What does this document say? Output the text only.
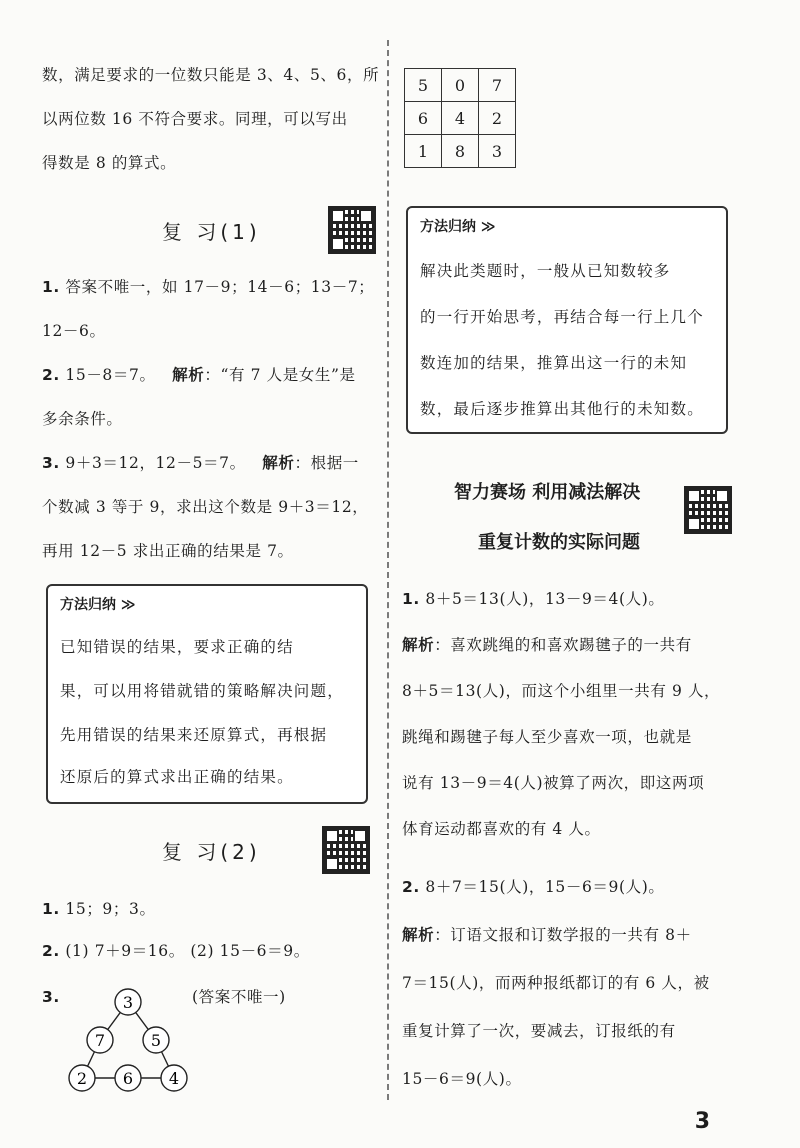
数，满足要求的一位数只能是 3、4、5、6，所
以两位数 16 不符合要求。同理，可以写出
得数是 8 的算式。
复 习(1)
1. 答案不唯一，如 17－9；14－6；13－7；
12－6。
2. 15－8＝7。 解析：“有 7 人是女生”是
多余条件。
3. 9＋3＝12，12－5＝7。 解析：根据一
个数减 3 等于 9，求出这个数是 9＋3＝12，
再用 12－5 求出正确的结果是 7。
方法归纳 ≫
已知错误的结果，要求正确的结
果，可以用将错就错的策略解决问题，
先用错误的结果来还原算式，再根据
还原后的算式求出正确的结果。
复 习(2)
1. 15；9；3。
2. (1) 7＋9＝16。 (2) 15－6＝9。
3.	(答案不唯一)
3
7	5
2 6 4
5	0	7
6	4	2
1	8	3
方法归纳 ≫
解决此类题时，一般从已知数较多
的一行开始思考，再结合每一行上几个
数连加的结果，推算出这一行的未知
数，最后逐步推算出其他行的未知数。
智力赛场 利用减法解决
重复计数的实际问题
1. 8＋5＝13(人)，13－9＝4(人)。
解析：喜欢跳绳的和喜欢踢毽子的一共有
8＋5＝13(人)，而这个小组里一共有 9 人，
跳绳和踢毽子每人至少喜欢一项，也就是
说有 13－9＝4(人)被算了两次，即这两项
体育运动都喜欢的有 4 人。
2. 8＋7＝15(人)，15－6＝9(人)。
解析：订语文报和订数学报的一共有 8＋
7＝15(人)，而两种报纸都订的有 6 人，被
重复计算了一次，要减去，订报纸的有
15－6＝9(人)。
3
